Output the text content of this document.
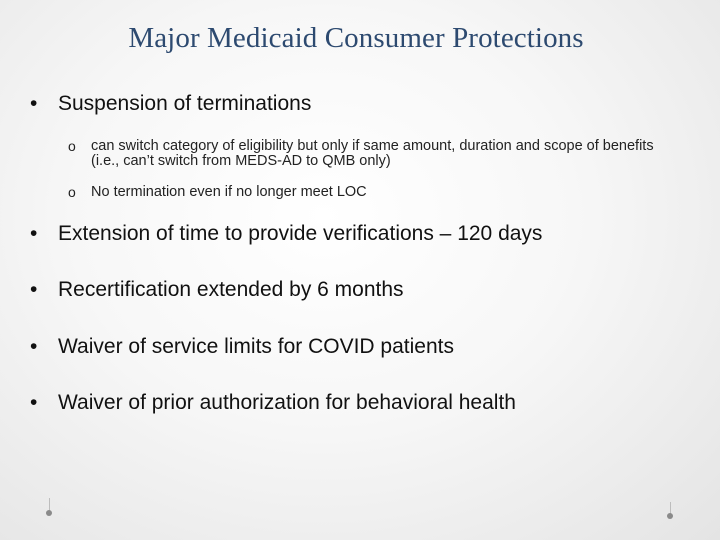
Major Medicaid Consumer Protections
• Suspension of terminations
o	can switch category of eligibility but only if same amount, duration and scope of benefits (i.e., can’t switch from MEDS-AD to QMB only)
o	No termination even if no longer meet LOC
• Extension of time to provide verifications – 120 days
• Recertification extended by 6 months
• Waiver of service limits for COVID patients
• Waiver of prior authorization for behavioral health
